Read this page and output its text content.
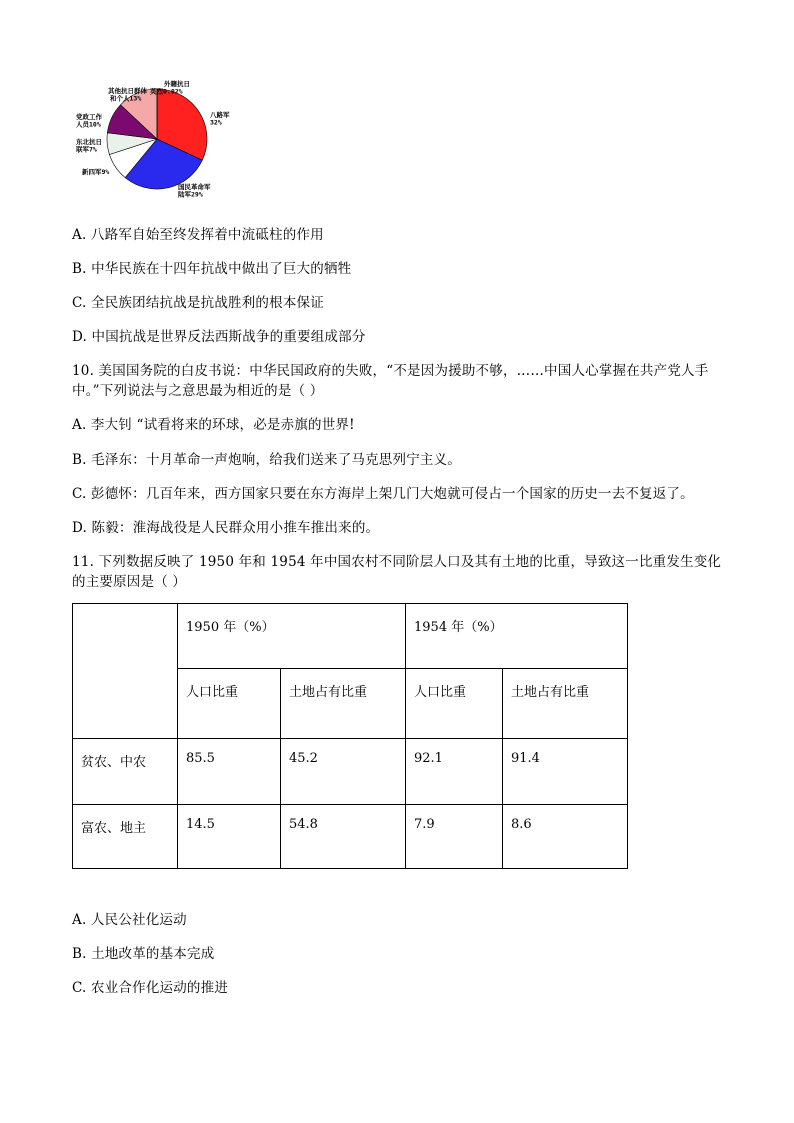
外籍抗日英烈0.02%
其他抗日群体和个人13%
八路军 32%
党政工作人员10%
东北抗日联军7%
新四军9%
国民革命军陆军29%
A. 八路军自始至终发挥着中流砥柱的作用
B. 中华民族在十四年抗战中做出了巨大的牺牲
C. 全民族团结抗战是抗战胜利的根本保证
D. 中国抗战是世界反法西斯战争的重要组成部分
10. 美国国务院的白皮书说：中华民国政府的失败，“不是因为援助不够，……中国人心掌握在共产党人手
中。”下列说法与之意思最为相近的是（ ）
A. 李大钊 “试看将来的环球，必是赤旗的世界!
B. 毛泽东：十月革命一声炮响，给我们送来了马克思列宁主义。
C. 彭德怀：几百年来，西方国家只要在东方海岸上架几门大炮就可侵占一个国家的历史一去不复返了。
D. 陈毅：淮海战役是人民群众用小推车推出来的。
11. 下列数据反映了 1950 年和 1954 年中国农村不同阶层人口及其有土地的比重，导致这一比重发生变化
的主要原因是（ ）
	1950 年（%）		1954 年（%）	
	人口比重	土地占有比重	人口比重	土地占有比重
贫农、中农	85.5	45.2	92.1	91.4
富农、地主	14.5	54.8	7.9	8.6
A. 人民公社化运动
B. 土地改革的基本完成
C. 农业合作化运动的推进
